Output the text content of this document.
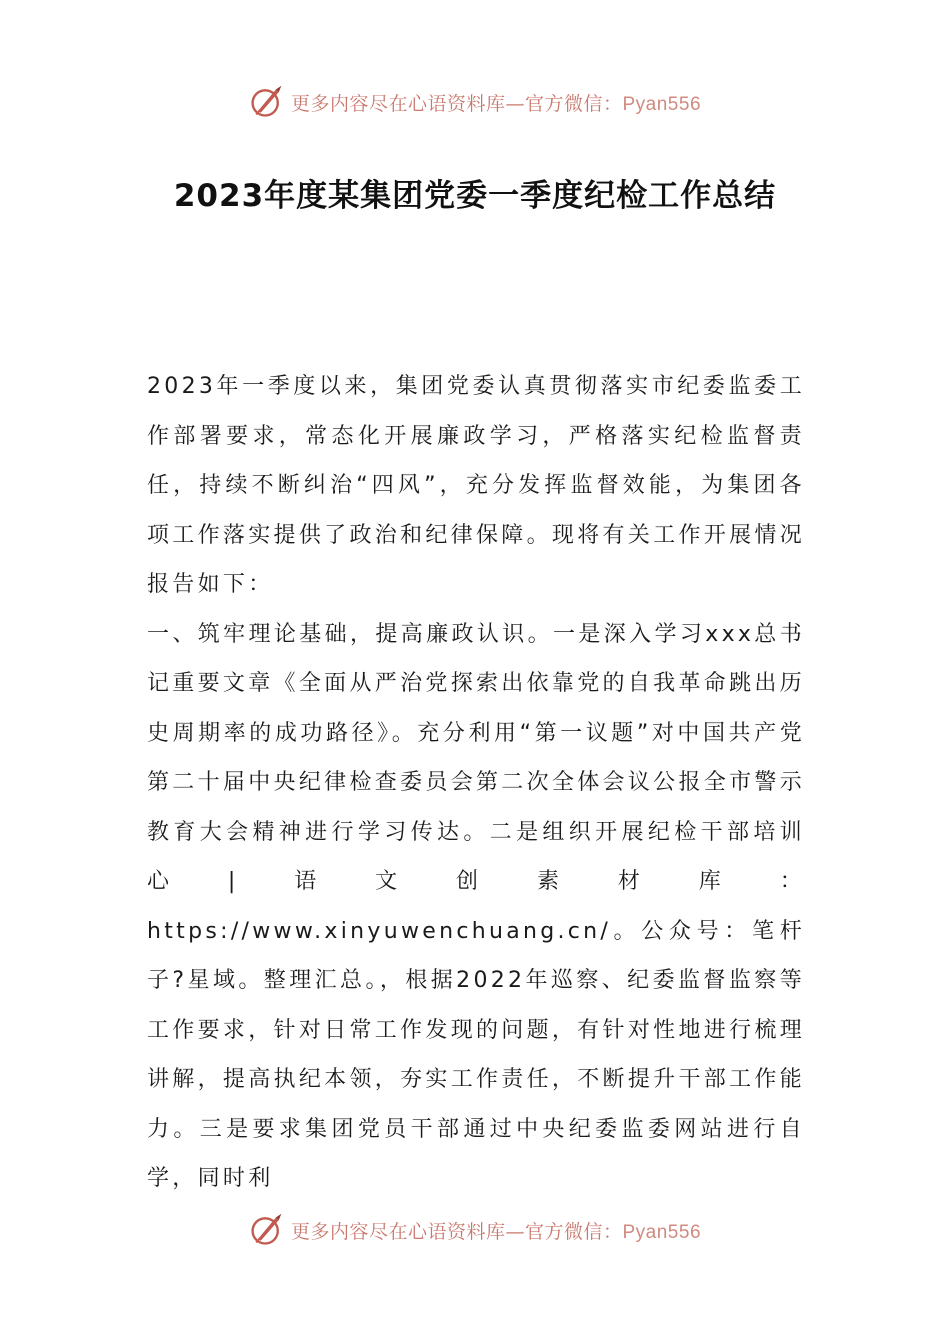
更多内容尽在心语资料库—官方微信：Pyan556
2023年度某集团党委一季度纪检工作总结

2023年一季度以来，集团党委认真贯彻落实市纪委监委工作部署要求，常态化开展廉政学习，严格落实纪检监督责任，持续不断纠治“四风”，充分发挥监督效能，为集团各项工作落实提供了政治和纪律保障。现将有关工作开展情况报告如下：

一、筑牢理论基础，提高廉政认识。一是深入学习xxx总书记重要文章《全面从严治党探索出依靠党的自我革命跳出历史周期率的成功路径》。充分利用“第一议题”对中国共产党第二十届中央纪律检查委员会第二次全体会议公报全市警示教育大会精神进行学习传达。二是组织开展纪检干部培训心|语文创素材库：https://www.xinyuwenchuang.cn/。公众号：笔杆子?星域。整理汇总。，根据2022年巡察、纪委监督监察等工作要求，针对日常工作发现的问题，有针对性地进行梳理讲解，提高执纪本领，夯实工作责任，不断提升干部工作能力。三是要求集团党员干部通过中央纪委监委网站进行自学，同时利

更多内容尽在心语资料库—官方微信：Pyan556
